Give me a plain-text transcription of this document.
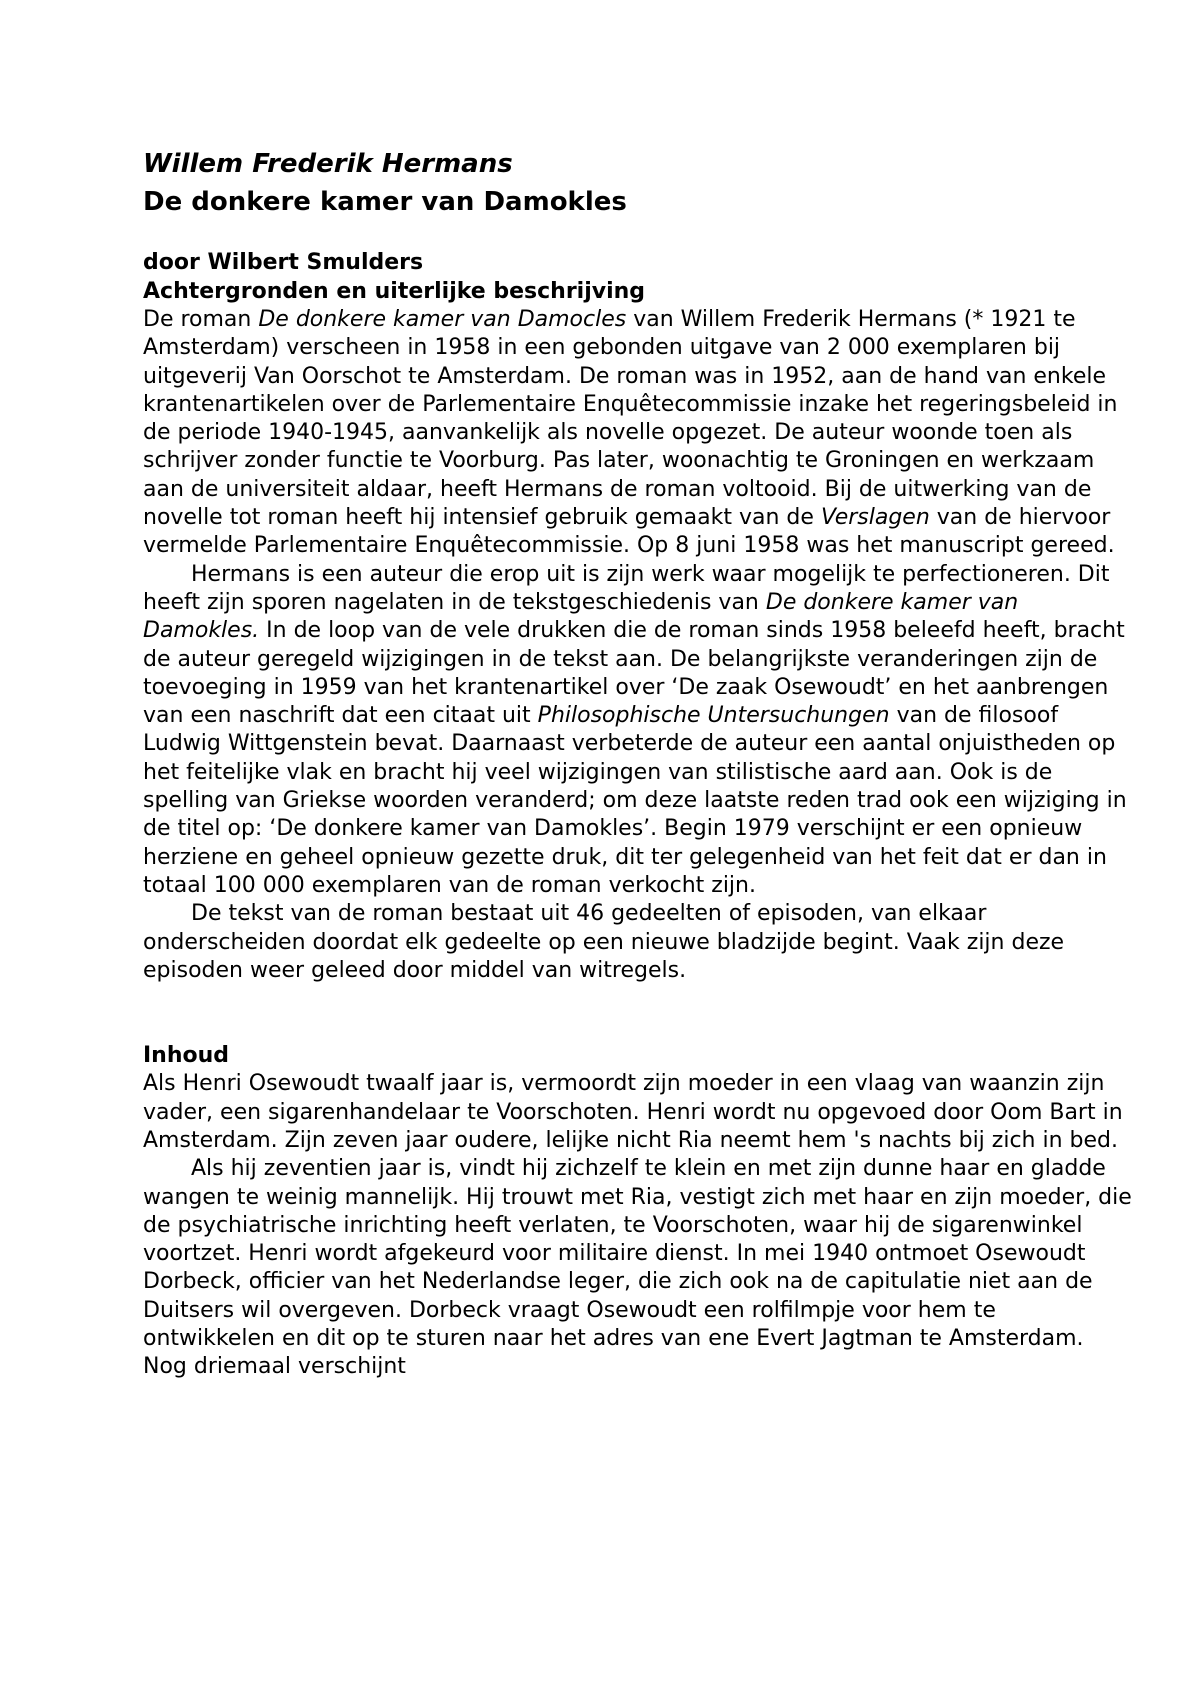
Willem Frederik Hermans
De donkere kamer van Damokles
door Wilbert Smulders
Achtergronden en uiterlijke beschrijving

De roman De donkere kamer van Damocles van Willem Frederik Hermans (* 1921 te Amsterdam) verscheen in 1958 in een gebonden uitgave van 2 000 exemplaren bij uitgeverij Van Oorschot te Amsterdam. De roman was in 1952, aan de hand van enkele krantenartikelen over de Parlementaire Enquêtecommissie inzake het regeringsbeleid in de periode 1940-1945, aanvankelijk als novelle opgezet. De auteur woonde toen als schrijver zonder functie te Voorburg. Pas later, woonachtig te Groningen en werkzaam aan de universiteit aldaar, heeft Hermans de roman voltooid. Bij de uitwerking van de novelle tot roman heeft hij intensief gebruik gemaakt van de Verslagen van de hiervoor vermelde Parlementaire Enquêtecommissie. Op 8 juni 1958 was het manuscript gereed.

Hermans is een auteur die erop uit is zijn werk waar mogelijk te perfectioneren. Dit heeft zijn sporen nagelaten in de tekstgeschiedenis van De donkere kamer van Damokles. In de loop van de vele drukken die de roman sinds 1958 beleefd heeft, bracht de auteur geregeld wijzigingen in de tekst aan. De belangrijkste veranderingen zijn de toevoeging in 1959 van het krantenartikel over ‘De zaak Osewoudt’ en het aanbrengen van een naschrift dat een citaat uit Philosophische Untersuchungen van de filosoof Ludwig Wittgenstein bevat. Daarnaast verbeterde de auteur een aantal onjuistheden op het feitelijke vlak en bracht hij veel wijzigingen van stilistische aard aan. Ook is de spelling van Griekse woorden veranderd; om deze laatste reden trad ook een wijziging in de titel op: ‘De donkere kamer van Damokles’. Begin 1979 verschijnt er een opnieuw herziene en geheel opnieuw gezette druk, dit ter gelegenheid van het feit dat er dan in totaal 100 000 exemplaren van de roman verkocht zijn.

De tekst van de roman bestaat uit 46 gedeelten of episoden, van elkaar onderscheiden doordat elk gedeelte op een nieuwe bladzijde begint. Vaak zijn deze episoden weer geleed door middel van witregels.

Inhoud

Als Henri Osewoudt twaalf jaar is, vermoordt zijn moeder in een vlaag van waanzin zijn vader, een sigarenhandelaar te Voorschoten. Henri wordt nu opgevoed door Oom Bart in Amsterdam. Zijn zeven jaar oudere, lelijke nicht Ria neemt hem 's nachts bij zich in bed.

Als hij zeventien jaar is, vindt hij zichzelf te klein en met zijn dunne haar en gladde wangen te weinig mannelijk. Hij trouwt met Ria, vestigt zich met haar en zijn moeder, die de psychiatrische inrichting heeft verlaten, te Voorschoten, waar hij de sigarenwinkel voortzet. Henri wordt afgekeurd voor militaire dienst. In mei 1940 ontmoet Osewoudt Dorbeck, officier van het Nederlandse leger, die zich ook na de capitulatie niet aan de Duitsers wil overgeven. Dorbeck vraagt Osewoudt een rolfilmpje voor hem te ontwikkelen en dit op te sturen naar het adres van ene Evert Jagtman te Amsterdam. Nog driemaal verschijnt
